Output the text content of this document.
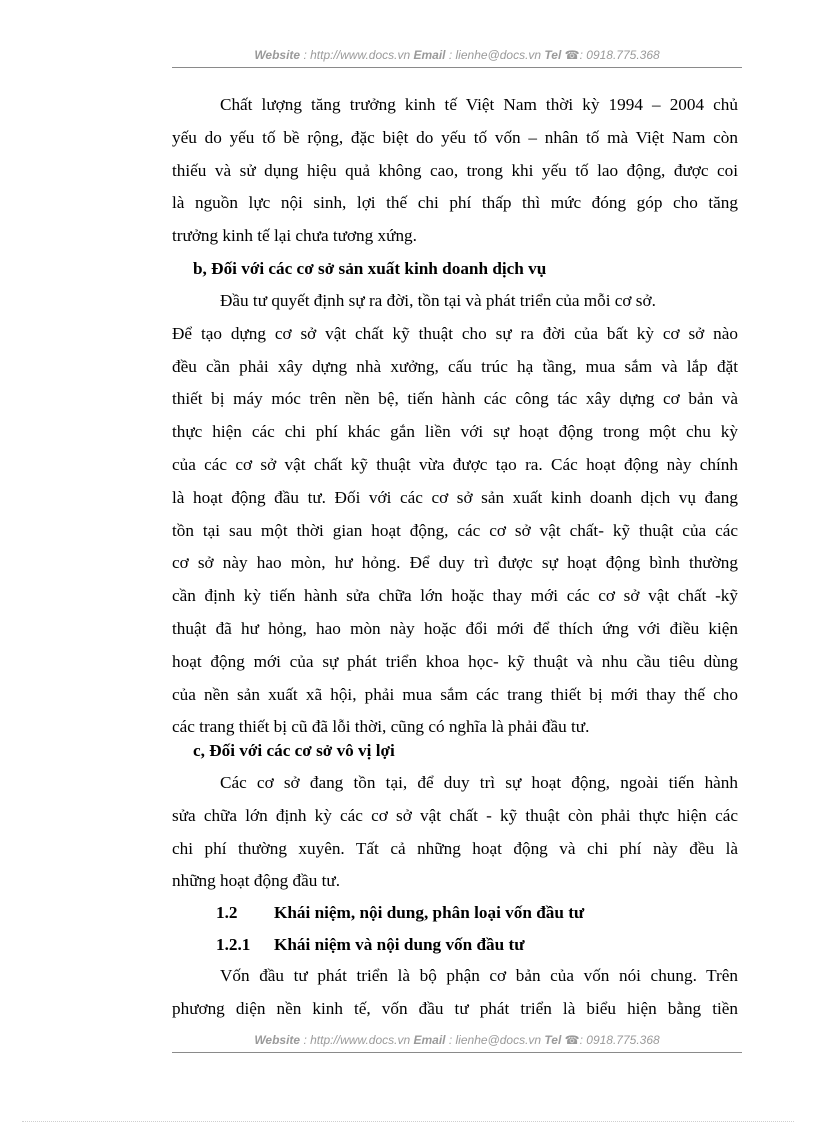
Website : http://www.docs.vn Email : lienhe@docs.vn Tel ☎: 0918.775.368

Chất lượng tăng trưởng kinh tế Việt Nam thời kỳ 1994 – 2004 chủ

yếu do yếu tố bề rộng, đặc biệt do yếu tố vốn – nhân tố mà Việt Nam còn

thiếu và sử dụng hiệu quả không cao, trong khi yếu tố lao động, được coi

là nguồn lực nội sinh, lợi thế chi phí thấp thì mức đóng góp cho tăng

trưởng kinh tế lại chưa tương xứng.

b, Đối với các cơ sở sản xuất kinh doanh dịch vụ

Đầu tư quyết định sự ra đời, tồn tại và phát triển của mỗi cơ sở.

Để tạo dựng cơ sở vật chất kỹ thuật cho sự ra đời của bất kỳ cơ sở nào

đều cần phải xây dựng nhà xưởng, cấu trúc hạ tầng, mua sắm và lắp đặt

thiết bị máy móc trên nền bệ, tiến hành các công tác xây dựng cơ bản và

thực hiện các chi phí khác gắn liền với sự hoạt động trong một chu kỳ

của các cơ sở vật chất kỹ thuật vừa được tạo ra. Các hoạt động này chính

là hoạt động đầu tư. Đối với các cơ sở sản xuất kinh doanh dịch vụ đang

tồn tại sau một thời gian hoạt động, các cơ sở vật chất- kỹ thuật của các

cơ sở này hao mòn, hư hỏng. Để duy trì được sự hoạt động bình thường

cần định kỳ tiến hành sửa chữa lớn hoặc thay mới các cơ sở vật chất -kỹ

thuật đã hư hỏng, hao mòn này hoặc đổi mới để thích ứng với điều kiện

hoạt động mới của sự phát triển khoa học- kỹ thuật và nhu cầu tiêu dùng

của nền sản xuất xã hội, phải mua sắm các trang thiết bị mới thay thế cho

các trang thiết bị cũ đã lỗi thời, cũng có nghĩa là phải đầu tư.

c, Đối với các cơ sở vô vị lợi

Các cơ sở đang tồn tại, để duy trì sự hoạt động, ngoài tiến hành

sửa chữa lớn định kỳ các cơ sở vật chất - kỹ thuật còn phải thực hiện các

chi phí thường xuyên. Tất cả những hoạt động và chi phí này đều là

những hoạt động đầu tư.

1.2 Khái niệm, nội dung, phân loại vốn đầu tư
1.2.1 Khái niệm và nội dung vốn đầu tư

Vốn đầu tư phát triển là bộ phận cơ bản của vốn nói chung. Trên

phương diện nền kinh tế, vốn đầu tư phát triển là biểu hiện bằng tiền

Website : http://www.docs.vn Email : lienhe@docs.vn Tel ☎: 0918.775.368
